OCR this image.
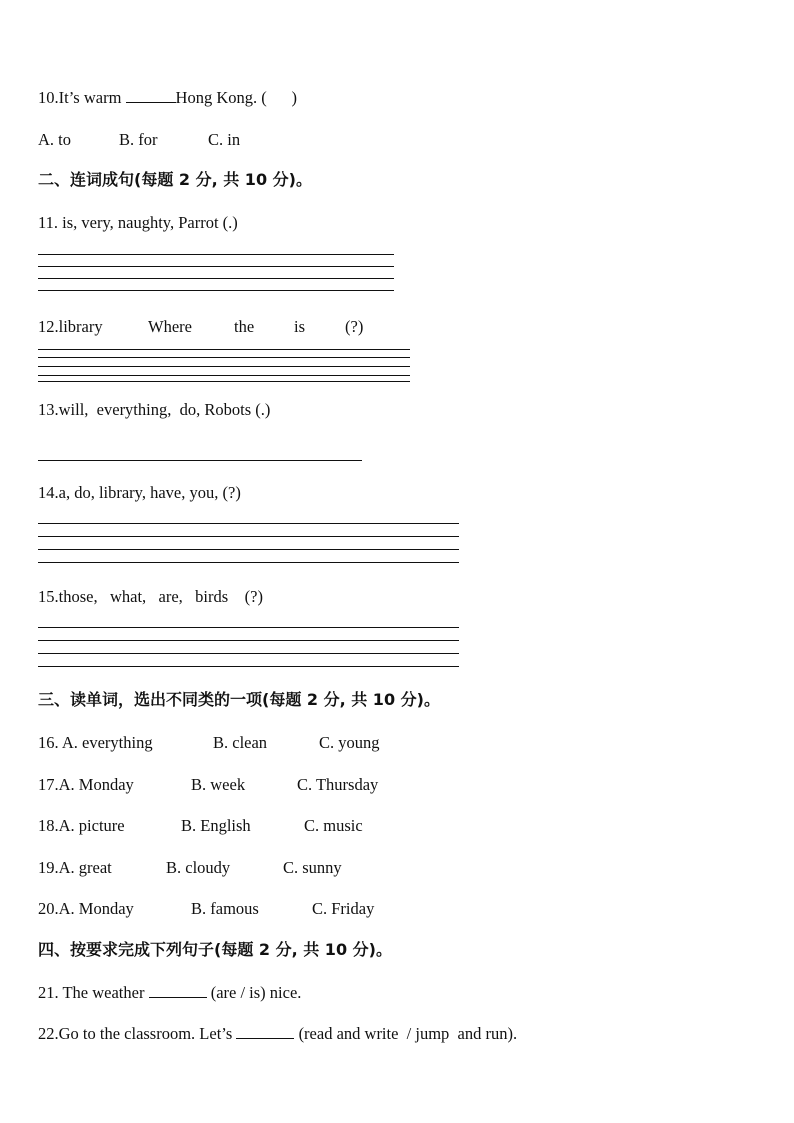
10.It’s warm	Hong Kong. (      )
A. to	B. for	C. in
二、连词成句(每题 2 分, 共 10 分)。
11. is, very, naughty, Parrot (.)
12.library	Where	the is (?)
13.will,  everything,  do, Robots (.)
14.a, do, library, have, you, (?)
15.those,   what,   are,   birds    (?)
三、读单词，选出不同类的一项(每题 2 分, 共 10 分)。
16. A. everything	B. clean	C. young
17.A. Monday	B. week	C. Thursday
18.A. picture	B. English	C. music
19.A. great	B. cloudy	C. sunny
20.A. Monday	B. famous	C. Friday
四、按要求完成下列句子(每题 2 分, 共 10 分)。
21. The weather	(are / is) nice.
22.Go to the classroom. Let’s	(read and write  / jump  and run).
